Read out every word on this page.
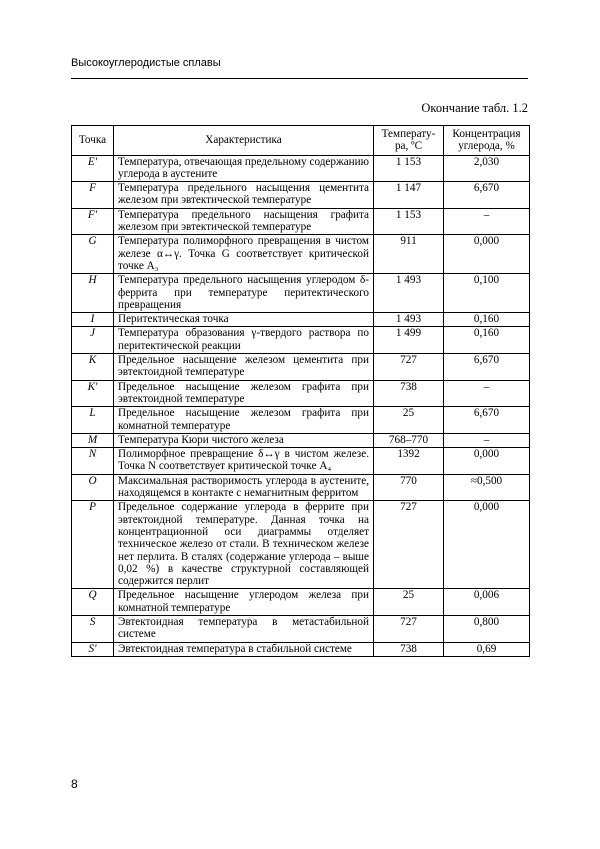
Высокоуглеродистые сплавы
Окончание табл. 1.2
Точка	Характеристика	Температу-ра, ºС	Концентрация углерода, %
E'	Температура, отвечающая предельному содержанию углерода в аустените	1 153	2,030
F	Температура предельного насыщения цементита железом при эвтектической температуре	1 147	6,670
F'	Температура предельного насыщения графита железом при эвтектической температуре	1 153	–
G	Температура полиморфного превращения в чистом железе α↔γ. Точка G соответствует критической точке A₃	911	0,000
H	Температура предельного насыщения углеродом δ-феррита при температуре перитектического превращения	1 493	0,100
I	Перитектическая точка	1 493	0,160
J	Температура образования γ-твердого раствора по перитектической реакции	1 499	0,160
K	Предельное насыщение железом цементита при эвтектоидной температуре	727	6,670
K'	Предельное насыщение железом графита при эвтектоидной температуре	738	–
L	Предельное насыщение железом графита при комнатной температуре	25	6,670
M	Температура Кюри чистого железа	768–770	–
N	Полиморфное превращение δ↔γ в чистом железе. Точка N соответствует критической точке A₄	1392	0,000
O	Максимальная растворимость углерода в аустените, находящемся в контакте с немагнитным ферритом	770	≈0,500
P	Предельное содержание углерода в феррите при эвтектоидной температуре. Данная точка на концентрационной оси диаграммы отделяет техническое железо от стали. В техническом железе нет перлита. В сталях (содержание углерода – выше 0,02 %) в качестве структурной составляющей содержится перлит	727	0,000
Q	Предельное насыщение углеродом железа при комнатной температуре	25	0,006
S	Эвтектоидная температура в метастабильной системе	727	0,800
S'	Эвтектоидная температура в стабильной системе	738	0,69
8
